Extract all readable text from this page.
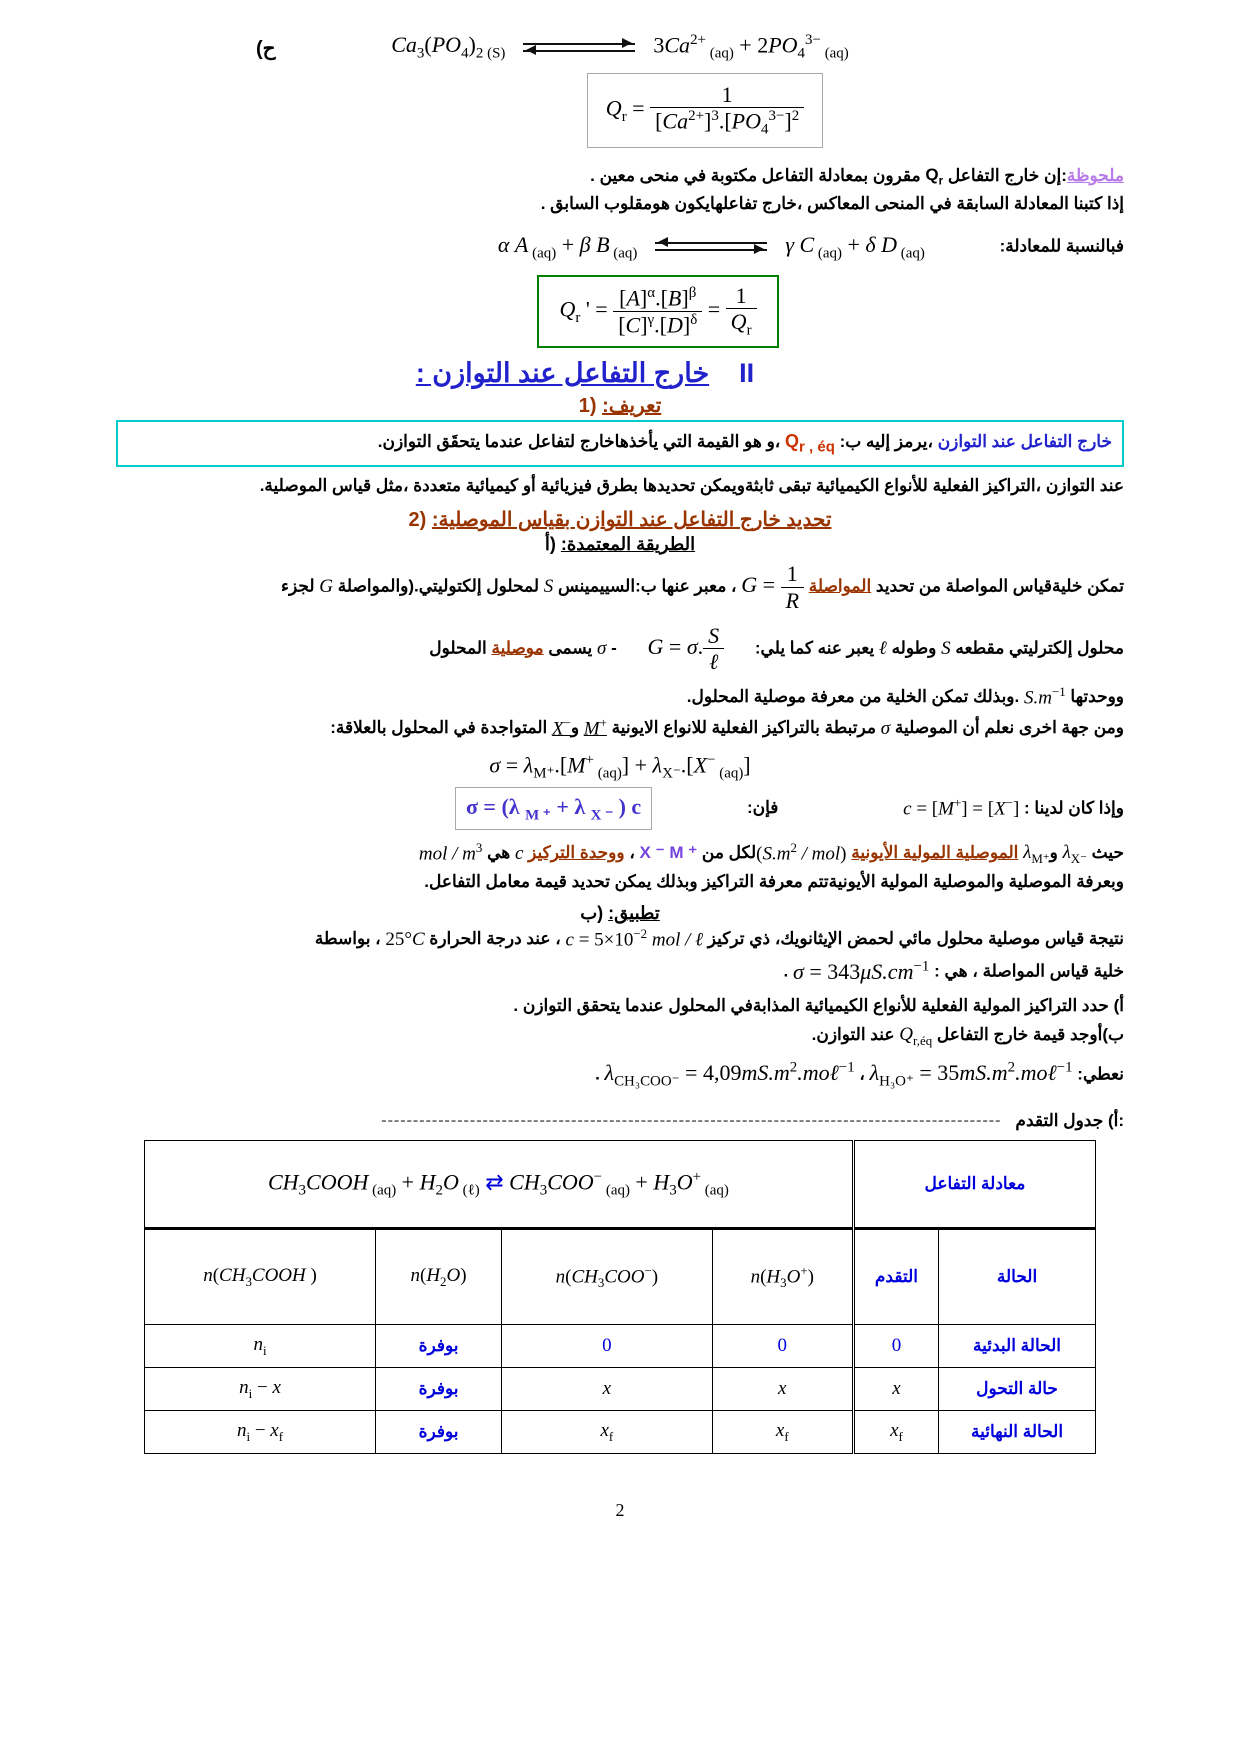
ح)	$3Ca^{2+}$ $_{(aq)} + 2PO_4^{3-}$ $_{(aq)}$
$Ca_3(PO_4)_2$ $_{(S)}$
$Q_r = \frac{1}{[Ca^{2+}]^3.[PO_4^{3-}]^2}$

ملحوظة:إن خارج التفاعل $Q_r$ مقرون بمعادلة التفاعل مكتوبة في منحى معين .
إذا كتبنا المعادلة السابقة في المنحى المعاكس ،خارج تفاعلهايكون هومقلوب السابق .

فبالنسبة للمعادلة: γ C $_{(aq)}$ + δ D $_{(aq)}$
α A $_{(aq)}$ + β B $_{(aq)}$
$Q_r$ ' = $\frac{[A]^\alpha.[B]^\beta}{[C]^\gamma.[D]^\delta} = \frac{1}{Q_r}$

II    خارج التفاعل عند التوازن :

1) تعريف:

خارج التفاعل عند التوازن ،يرمز إليه ب: $Q_{r , éq}$ ،و هو القيمة التي يأخذهاخارج لتفاعل عندما يتحقَق التوازن.

عند التوازن ،التراكيز الفعلية للأنواع الكيميائية تبقى ثابثةويمكن تحديدها بطرق فيزيائية أو كيميائية متعددة ،مثل قياس الموصلية.

2) تحديد خارج التفاعل عند التوازن بقياس الموصلية:

أ) الطريقة المعتمدة:

تمكن خليةقياس المواصلة من تحديد المواصلة $G = \frac{1}{R}$
، معبر عنها ب:السييمينس S لمحلول إلكتوليتي.(والمواصلة G لجزء

محلول إلكترليتي مقطعه S وطوله ℓ يعبر عنه كما يلي: G = σ. $\frac{S}{\text{ℓ}}$
- σ يسمى موصلية المحلول

ووحدتها $S.m^{-1}$ .وبذلك تمكن الخلية من معرفة موصلية المحلول.

ومن جهة اخرى نعلم أن الموصلية σ مرتبطة بالتراكيز الفعلية للانواع الايونية M+ وX− المتواجدة في المحلول بالعلاقة:

$\sigma = \lambda_{M^+}.[M^+$ $_{(aq)}] + \lambda_{X^-}.[X^-$ $_{(aq)}$]

وإذا كان لدينا : c = [M+] = [X−] فإن: σ = (λ $_{M ^+}$ + λ $_{X ^-}$ ) c

حيث $\lambda_{X^-}$ وλ$_{M^+}$ الموصلية المولية الأيونية ($S.m^2$ / mol)لكل من M ⁺ X ⁻ ، ووحدة التركيز c هي mol / $m^3$

وبعرفة الموصلية والموصلية المولية الأيونيةتتم معرفة التراكيز وبذلك يمكن تحديد قيمة معامل التفاعل.

ب) تطبيق:

نتيجة قياس موصلية محلول مائي لحمض الإيثانويك، ذي تركيز $c = 5\times 10^{-2}$ mol / ℓ ، عند درجة الحرارة 25°C ، بواسطة

خلية قياس المواصلة ، هي : $\sigma = 343\mu S.cm^{-1}$ .

أ) حدد التراكيز المولية الفعلية للأنواع الكيميائية المذابةفي المحلول عندما يتحقق التوازن .

ب)أوجد قيمة خارج التفاعل $Q_{r,éq}$ عند التوازن.

نعطي: $\lambda_{H_3O^+}$ = $35mS.m^2.mo\ell^{-1}$ ، $\lambda_{CH_3COO^-}$ = $4,09mS.m^2.mo\ell^{-1}$ .

أ) جدول التقدم:
--------------------------------------------------------------------------------------------------
$CH_3COOH$ $_{(aq)} + H_2O$ $_{(\ell)}$ ⇄ $CH_3COO^-$ $_{(aq)} + H_3O^+$ $_{(aq)}$				معادلة التفاعل	
$n(CH_3COOH$ )	$n(H_2O)$	$n(CH_3COO^-)$	$n(H_3O^+)$	التقدم	الحالة
$n_i$	بوفرة	0	0	0	الحالة البدئية
$n_i - x$	بوفرة	x	x	x	حالة التحول
$n_i - x_f$	بوفرة	$x_f$	$x_f$	$x_f$	الحالة النهائية

2
